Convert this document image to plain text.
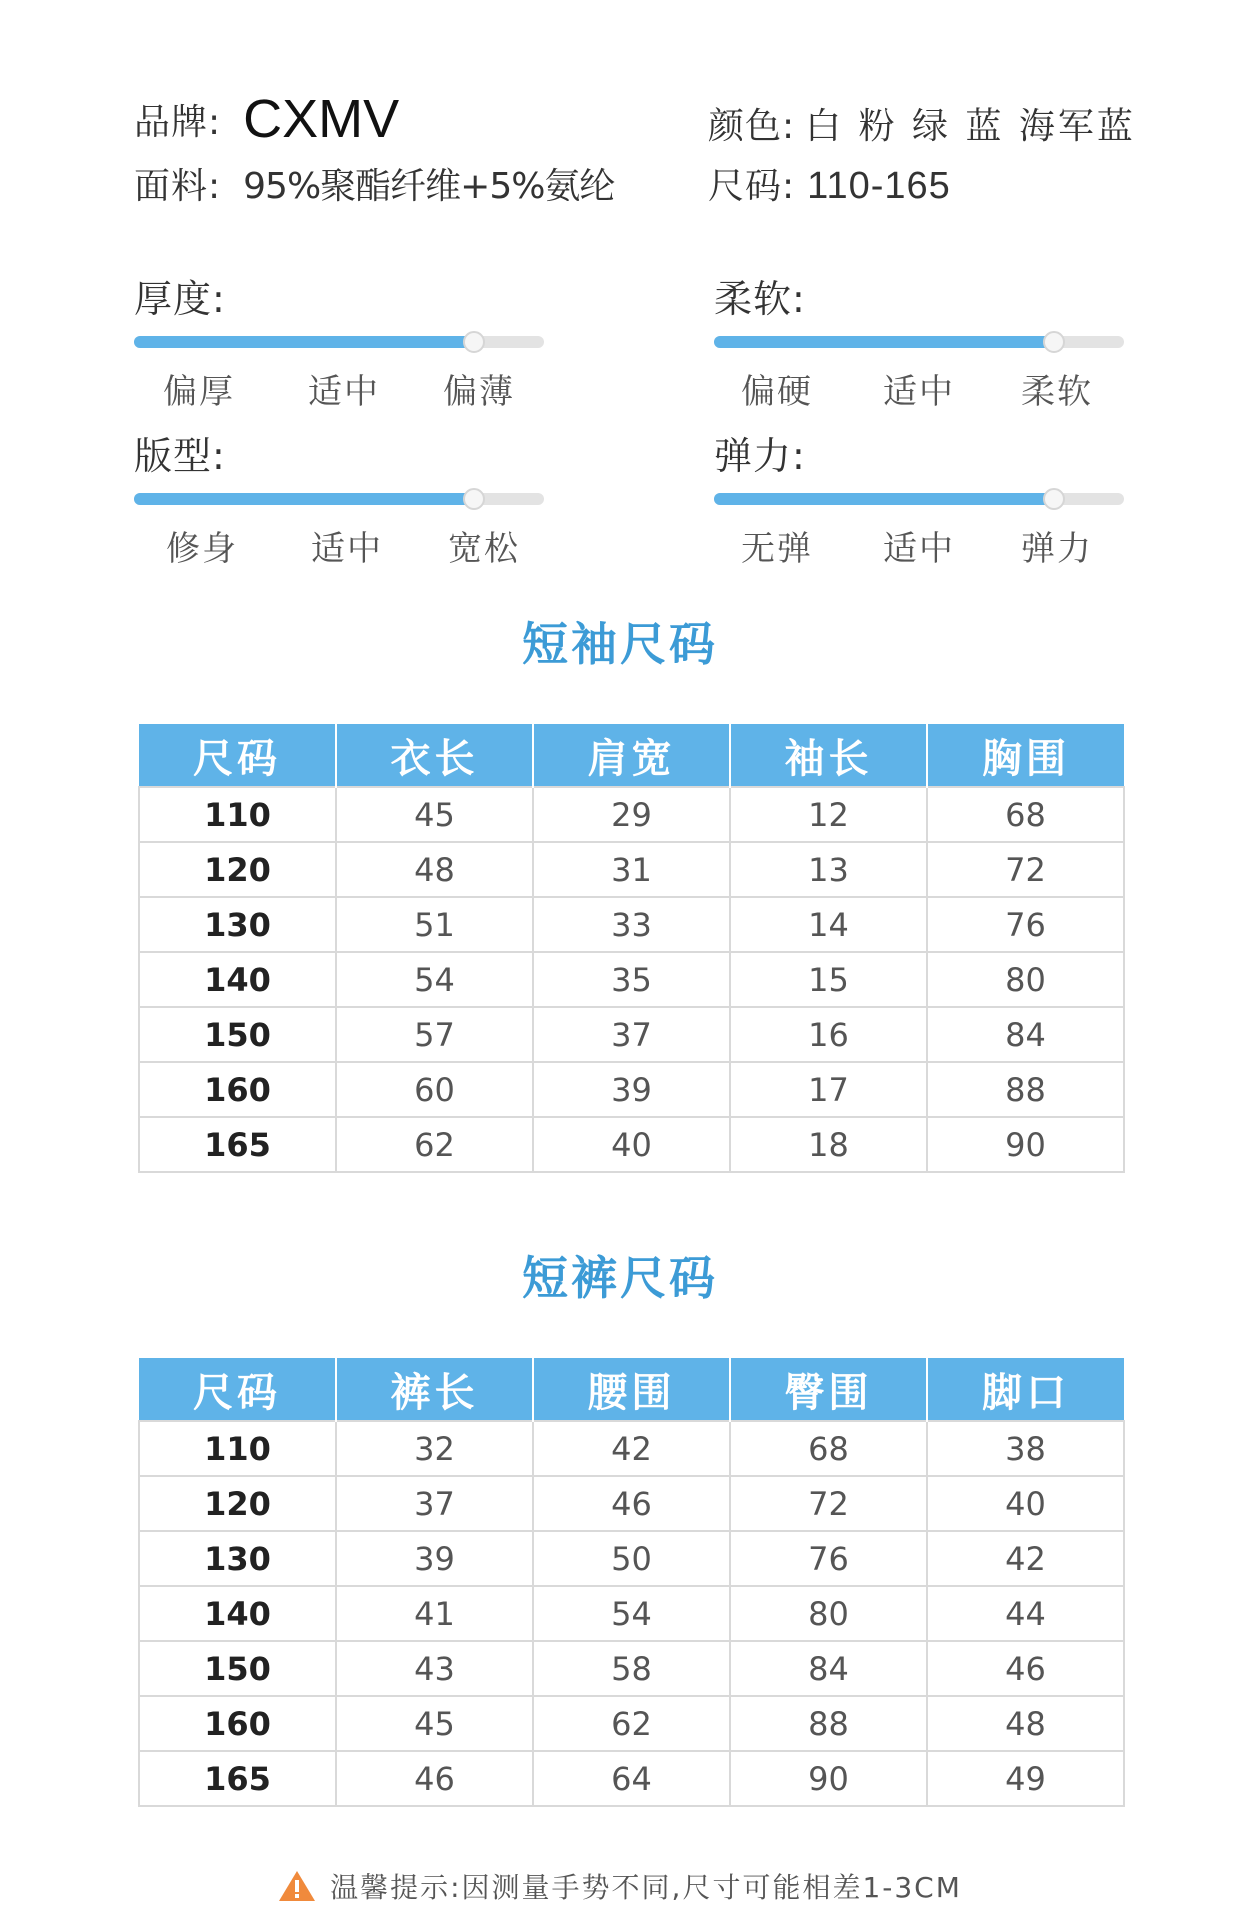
品牌: CXMV
面料: 95%聚酯纤维+5%氨纶
颜色: 白 粉 绿 蓝 海军蓝
尺码: 110-165
厚度:
偏厚 适中 偏薄
柔软:
偏硬 适中 柔软
版型:
修身 适中 宽松
弹力:
无弹 适中 弹力
短袖尺码
尺码	衣长	肩宽	袖长	胸围
110	45	29	12	68
120	48	31	13	72
130	51	33	14	76
140	54	35	15	80
150	57	37	16	84
160	60	39	17	88
165	62	40	18	90
短裤尺码
尺码	裤长	腰围	臀围	脚口
110	32	42	68	38
120	37	46	72	40
130	39	50	76	42
140	41	54	80	44
150	43	58	84	46
160	45	62	88	48
165	46	64	90	49
温馨提示:因测量手势不同,尺寸可能相差1-3CM
